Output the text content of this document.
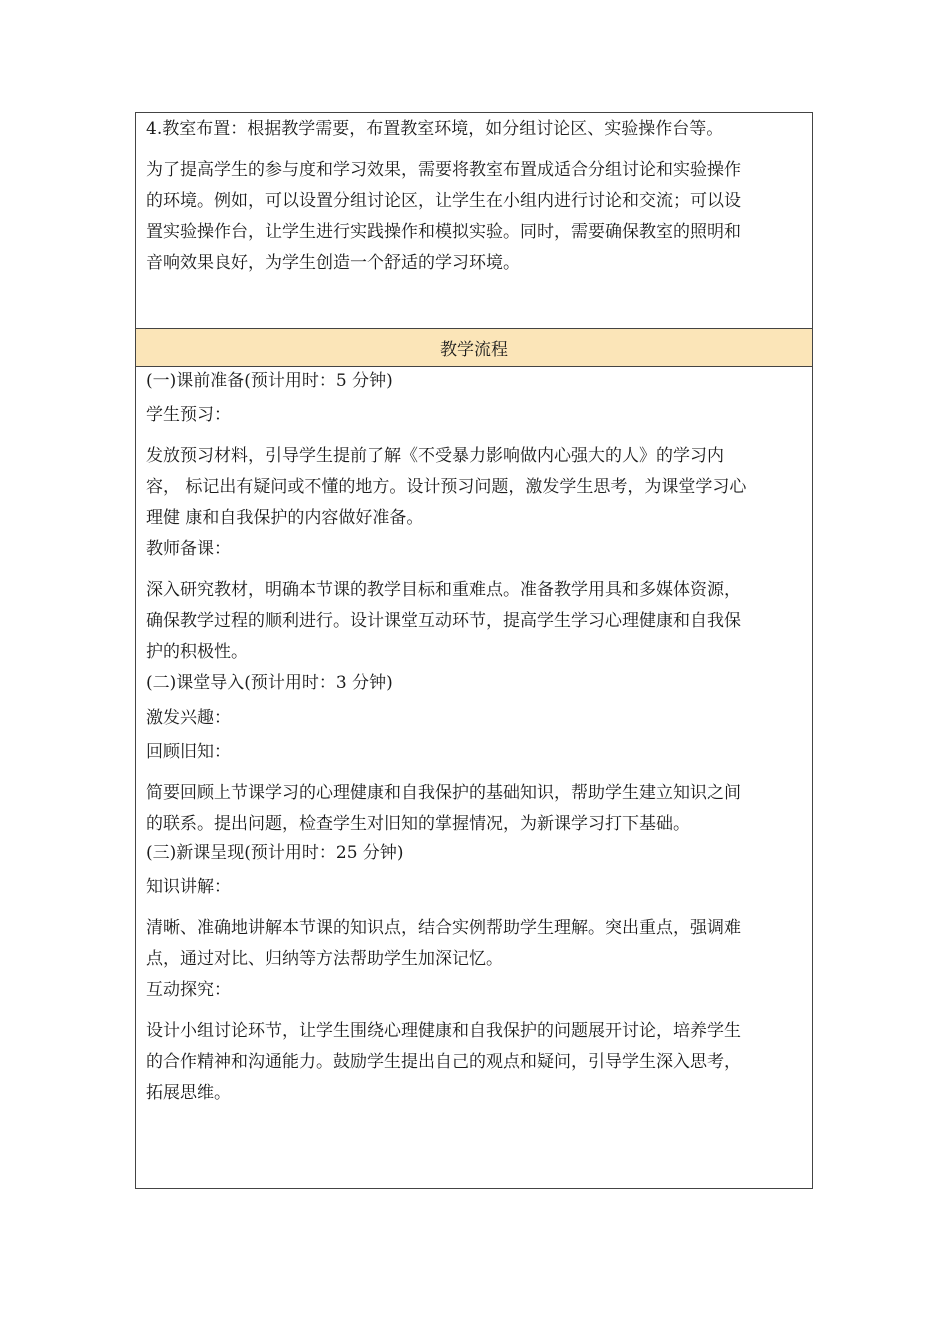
4.教室布置：根据教学需要，布置教室环境，如分组讨论区、实验操作台等。
为了提高学生的参与度和学习效果，需要将教室布置成适合分组讨论和实验操作
的环境。例如，可以设置分组讨论区，让学生在小组内进行讨论和交流；可以设
置实验操作台，让学生进行实践操作和模拟实验。同时，需要确保教室的照明和
音响效果良好，为学生创造一个舒适的学习环境。
教学流程
(一)课前准备(预计用时：5 分钟)
学生预习：
发放预习材料，引导学生提前了解《不受暴力影响做内心强大的人》的学习内
容， 标记出有疑问或不懂的地方。设计预习问题，激发学生思考，为课堂学习心
理健 康和自我保护的内容做好准备。
教师备课：
深入研究教材，明确本节课的教学目标和重难点。准备教学用具和多媒体资源，
确保教学过程的顺利进行。设计课堂互动环节，提高学生学习心理健康和自我保
护的积极性。
(二)课堂导入(预计用时：3 分钟)
激发兴趣：
回顾旧知：
简要回顾上节课学习的心理健康和自我保护的基础知识，帮助学生建立知识之间
的联系。提出问题，检查学生对旧知的掌握情况，为新课学习打下基础。
(三)新课呈现(预计用时：25 分钟)
知识讲解：
清晰、准确地讲解本节课的知识点，结合实例帮助学生理解。突出重点，强调难
点，通过对比、归纳等方法帮助学生加深记忆。
互动探究：
设计小组讨论环节，让学生围绕心理健康和自我保护的问题展开讨论，培养学生
的合作精神和沟通能力。鼓励学生提出自己的观点和疑问，引导学生深入思考，
拓展思维。
